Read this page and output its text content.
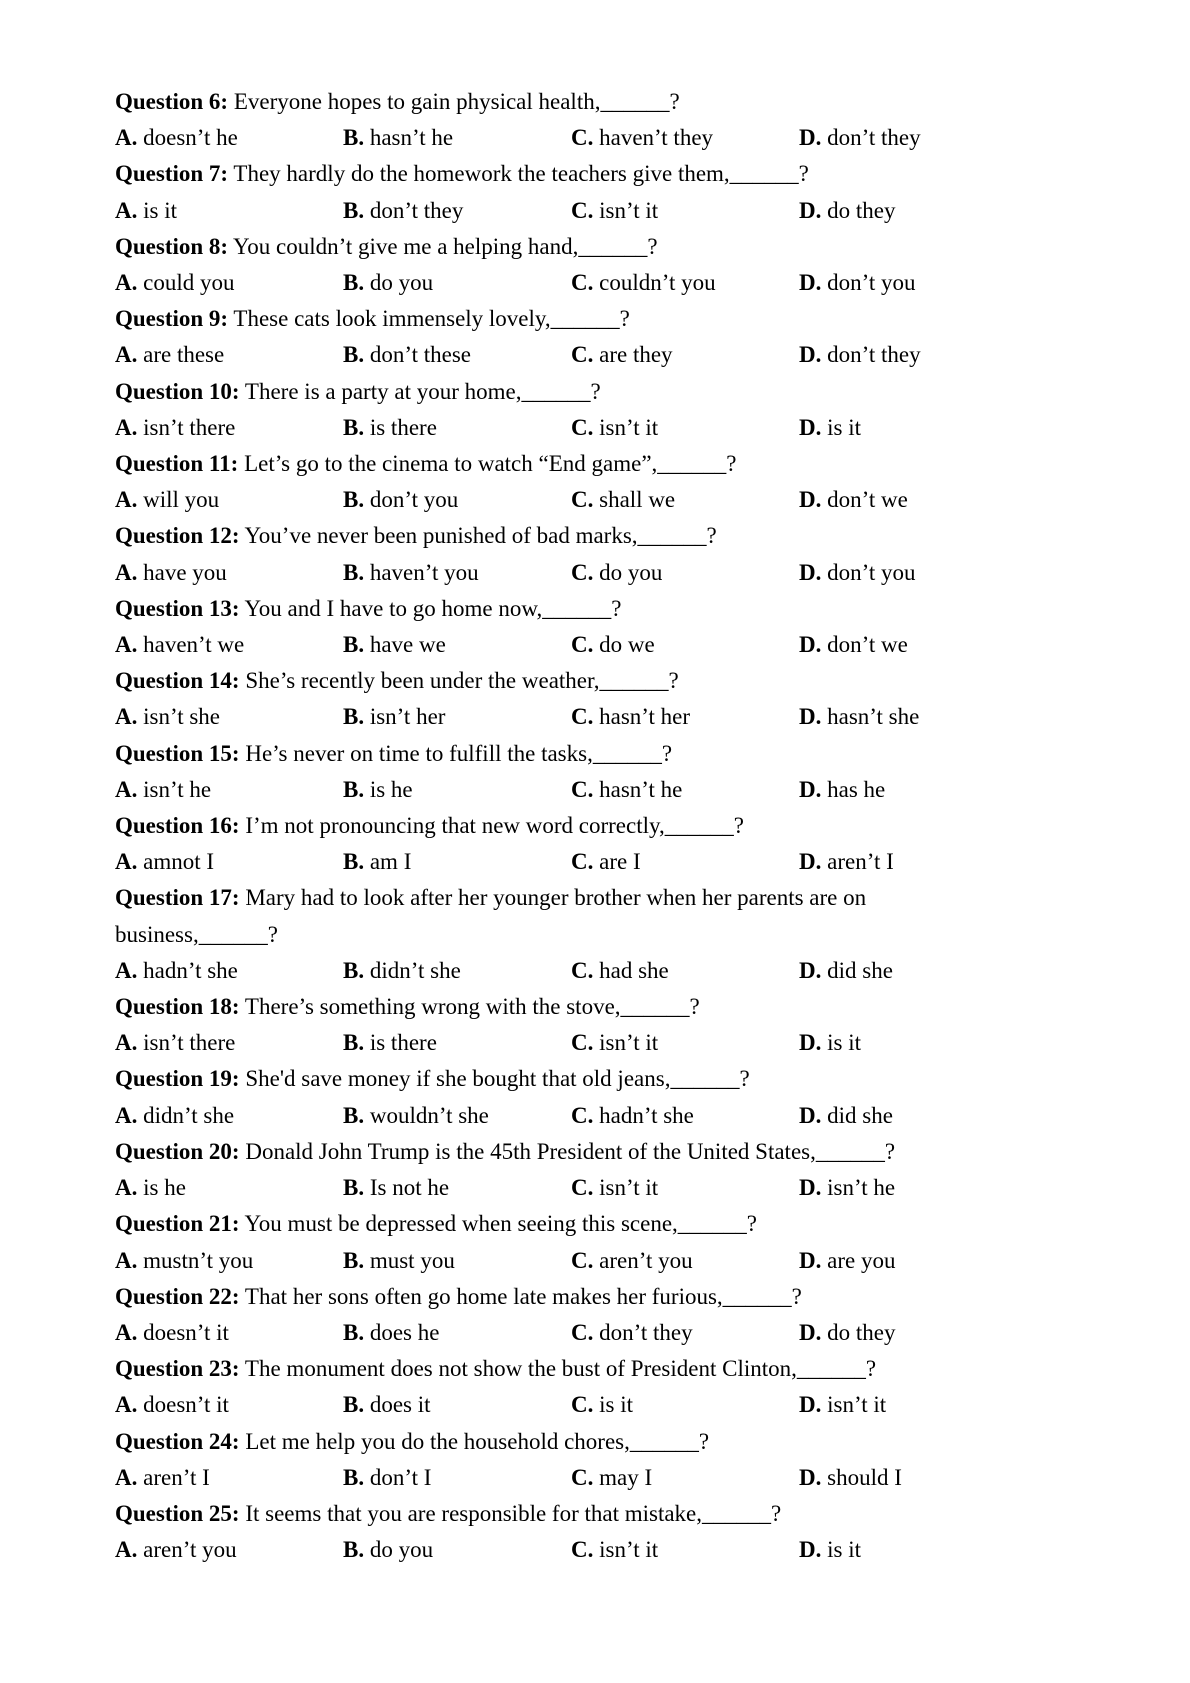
Question 6: Everyone hopes to gain physical health,______?
A. doesn’t he	B. hasn’t he	C. haven’t they	D. don’t they
Question 7: They hardly do the homework the teachers give them,______?
A. is it	B. don’t they	C. isn’t it	D. do they
Question 8: You couldn’t give me a helping hand,______?
A. could you	B. do you	C. couldn’t you	D. don’t you
Question 9: These cats look immensely lovely,______?
A. are these	B. don’t these	C. are they	D. don’t they
Question 10: There is a party at your home,______?
A. isn’t there	B. is there	C. isn’t it	D. is it
Question 11: Let’s go to the cinema to watch “End game”,______?
A. will you	B. don’t you	C. shall we	D. don’t we
Question 12: You’ve never been punished of bad marks,______?
A. have you	B. haven’t you	C. do you	D. don’t you
Question 13: You and I have to go home now,______?
A. haven’t we	B. have we	C. do we	D. don’t we
Question 14: She’s recently been under the weather,______?
A. isn’t she	B. isn’t her	C. hasn’t her	D. hasn’t she
Question 15: He’s never on time to fulfill the tasks,______?
A. isn’t he	B. is he	C. hasn’t he	D. has he
Question 16: I’m not pronouncing that new word correctly,______?
A. amnot I	B. am I	C. are I	D. aren’t I
Question 17: Mary had to look after her younger brother when her parents are on business,______?
A. hadn’t she	B. didn’t she	C. had she	D. did she
Question 18: There’s something wrong with the stove,______?
A. isn’t there	B. is there	C. isn’t it	D. is it
Question 19: She'd save money if she bought that old jeans,______?
A. didn’t she	B. wouldn’t she	C. hadn’t she	D. did she
Question 20: Donald John Trump is the 45th President of the United States,______?
A. is he	B. Is not he	C. isn’t it	D. isn’t he
Question 21: You must be depressed when seeing this scene,______?
A. mustn’t you	B. must you	C. aren’t you	D. are you
Question 22: That her sons often go home late makes her furious,______?
A. doesn’t it	B. does he	C. don’t they	D. do they
Question 23: The monument does not show the bust of President Clinton,______?
A. doesn’t it	B. does it	C. is it	D. isn’t it
Question 24: Let me help you do the household chores,______?
A. aren’t I	B. don’t I	C. may I	D. should I
Question 25: It seems that you are responsible for that mistake,______?
A. aren’t you	B. do you	C. isn’t it	D. is it
